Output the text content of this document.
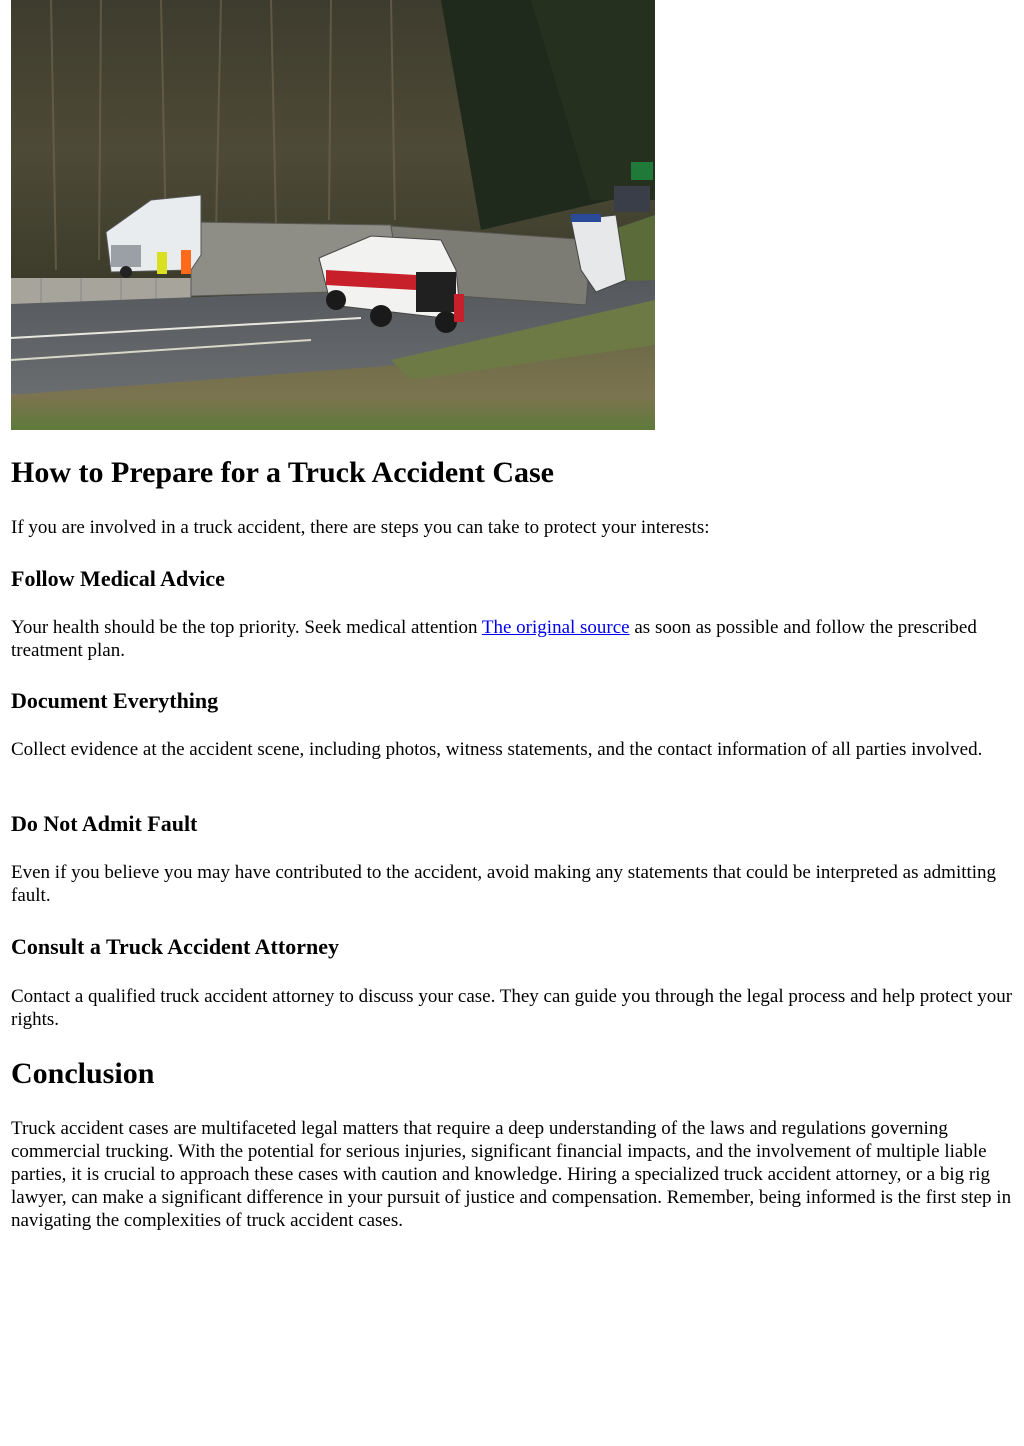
How to Prepare for a Truck Accident Case

If you are involved in a truck accident, there are steps you can take to protect your interests:

Follow Medical Advice

Your health should be the top priority. Seek medical attention The original source as soon as possible and follow the prescribed treatment plan.

Document Everything

Collect evidence at the accident scene, including photos, witness statements, and the contact information of all parties involved.

Do Not Admit Fault

Even if you believe you may have contributed to the accident, avoid making any statements that could be interpreted as admitting fault.

Consult a Truck Accident Attorney

Contact a qualified truck accident attorney to discuss your case. They can guide you through the legal process and help protect your rights.

Conclusion

Truck accident cases are multifaceted legal matters that require a deep understanding of the laws and regulations governing commercial trucking. With the potential for serious injuries, significant financial impacts, and the involvement of multiple liable parties, it is crucial to approach these cases with caution and knowledge. Hiring a specialized truck accident attorney, or a big rig lawyer, can make a significant difference in your pursuit of justice and compensation. Remember, being informed is the first step in navigating the complexities of truck accident cases.
